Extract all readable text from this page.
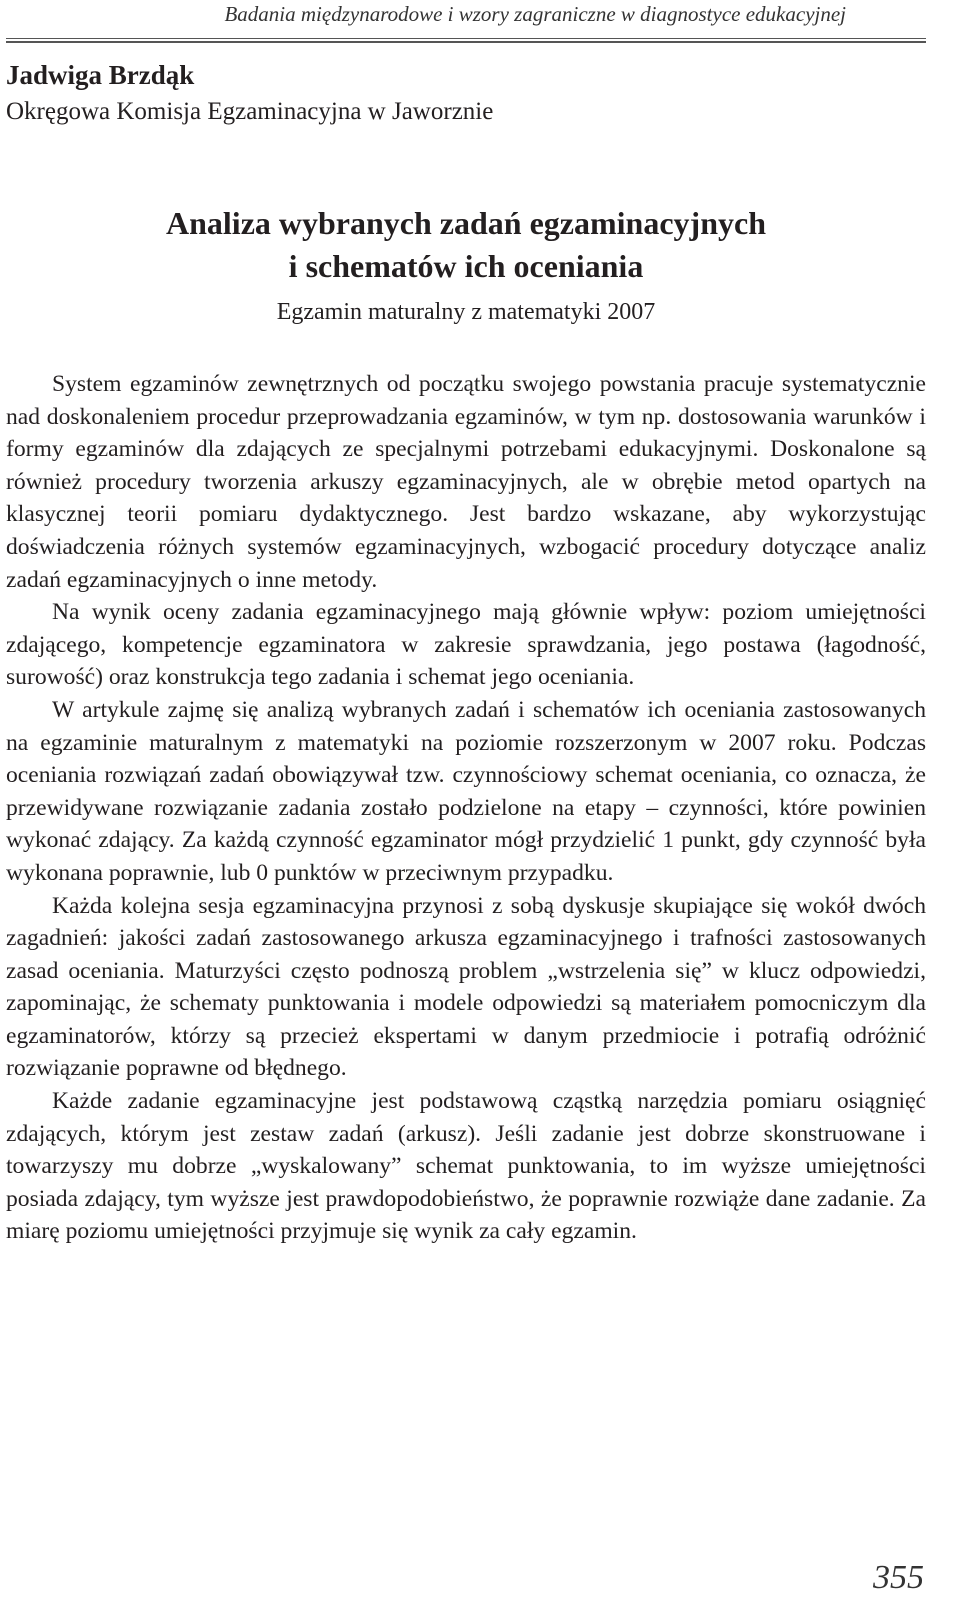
Badania międzynarodowe i wzory zagraniczne w diagnostyce edukacyjnej
Jadwiga Brzdąk
Okręgowa Komisja Egzaminacyjna w Jaworznie
Analiza wybranych zadań egzaminacyjnych
i schematów ich oceniania
Egzamin maturalny z matematyki 2007

System egzaminów zewnętrznych od początku swojego powstania pracuje systematycznie nad doskonaleniem procedur przeprowadzania egzaminów, w tym np. dostosowania warunków i formy egzaminów dla zdających ze specjalnymi potrzebami edukacyjnymi. Doskonalone są również procedury tworzenia arkuszy egzaminacyjnych, ale w obrębie metod opartych na klasycznej teorii pomiaru dydaktycznego. Jest bardzo wskazane, aby wykorzystując doświadczenia różnych systemów egzaminacyjnych, wzbogacić procedury dotyczące analiz zadań egzaminacyjnych o inne metody.

Na wynik oceny zadania egzaminacyjnego mają głównie wpływ: poziom umiejętności zdającego, kompetencje egzaminatora w zakresie sprawdzania, jego postawa (łagodność, surowość) oraz konstrukcja tego zadania i schemat jego oceniania.

W artykule zajmę się analizą wybranych zadań i schematów ich oceniania zastosowanych na egzaminie maturalnym z matematyki na poziomie rozszerzonym w 2007 roku. Podczas oceniania rozwiązań zadań obowiązywał tzw. czynnościowy schemat oceniania, co oznacza, że przewidywane rozwiązanie zadania zostało podzielone na etapy – czynności, które powinien wykonać zdający. Za każdą czynność egzaminator mógł przydzielić 1 punkt, gdy czynność była wykonana poprawnie, lub 0 punktów w przeciwnym przypadku.

Każda kolejna sesja egzaminacyjna przynosi z sobą dyskusje skupiające się wokół dwóch zagadnień: jakości zadań zastosowanego arkusza egzaminacyjnego i trafności zastosowanych zasad oceniania. Maturzyści często podnoszą problem „wstrzelenia się” w klucz odpowiedzi, zapominając, że schematy punktowania i modele odpowiedzi są materiałem pomocniczym dla egzaminatorów, którzy są przecież ekspertami w danym przedmiocie i potrafią odróżnić rozwiązanie poprawne od błędnego.

Każde zadanie egzaminacyjne jest podstawową cząstką narzędzia pomiaru osiągnięć zdających, którym jest zestaw zadań (arkusz). Jeśli zadanie jest dobrze skonstruowane i towarzyszy mu dobrze „wyskalowany” schemat punktowania, to im wyższe umiejętności posiada zdający, tym wyższe jest prawdopodobieństwo, że poprawnie rozwiąże dane zadanie. Za miarę poziomu umiejętności przyjmuje się wynik za cały egzamin.

355
